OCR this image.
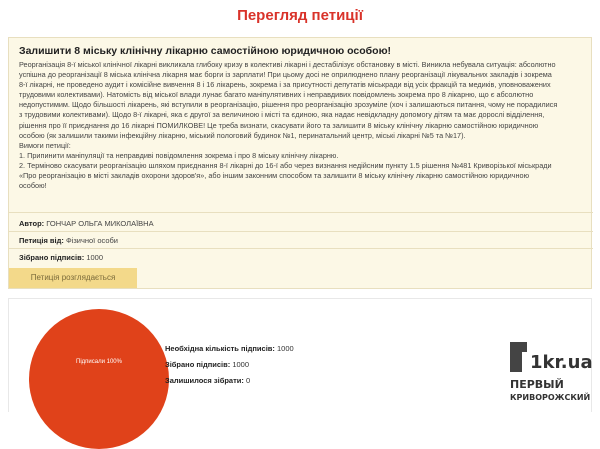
Перегляд петиції
Залишити 8 міську клінічну лікарню самостійною юридичною особою!
Реорганізація 8-ї міської клінічної лікарні викликала глибоку кризу в колективі лікарні і дестабілізує обстановку в місті. Виникла небувала ситуація: абсолютно
успішна до реорганізації 8 міська клінічна лікарня має борги із зарплати! При цьому досі не оприлюднено плану реорганізації лікувальних закладів і зокрема
8-ї лікарні, не проведено аудит і комісійне вивчення 8 і 16 лікарень, зокрема і за присутності депутатів міськради від усіх фракцій та медиків, уповноважених
трудовими колективами). Натомість від міської влади лунає багато маніпулятивних і неправдивих повідомлень зокрема про 8 лікарню, що є абсолютно
недопустимим. Щодо більшості лікарень, які вступили в реорганізацію, рішення про реорганізацію зрозуміле (хоч і залишаються питання, чому не порадилися
з трудовими колективами). Щодо 8-ї лікарні, яка є другої за величиною і місті та єдиною, яка надає невідкладну допомогу дітям та має дорослі відділення,
рішення про її приєднання до 16 лікарні ПОМИЛКОВЕ! Це треба визнати, скасувати його та залишити 8 міську клінічну лікарню самостійною юридичною
особою (як залишили такими інфекційну лікарню, міський пологовий будинок №1, перинатальний центр, міські лікарні №5 та №17).
Вимоги петиції:
1. Припинити маніпуляції та неправдиві повідомлення зокрема і про 8 міську клінічну лікарню.
2. Терміново скасувати реорганізацію шляхом приєднання 8-ї лікарні до 16-ї або через визнання недійсним пункту 1.5 рішення №481 Криворізької міськради
«Про реорганізацію в місті закладів охорони здоров'я», або іншим законним способом та залишити 8 міську клінічну лікарню самостійною юридичною
особою!
Автор: ГОНЧАР ОЛЬГА МИКОЛАЇВНА
Петиція від: Фізичної особи
Зібрано підписів: 1000
Петиція розглядається
Підписали 100%
Необхідна кількість підписів: 1000
Зібрано підписів: 1000
Залишилося зібрати: 0
1kr.ua
ПЕРВЫЙ
КРИВОРОЖСКИЙ
